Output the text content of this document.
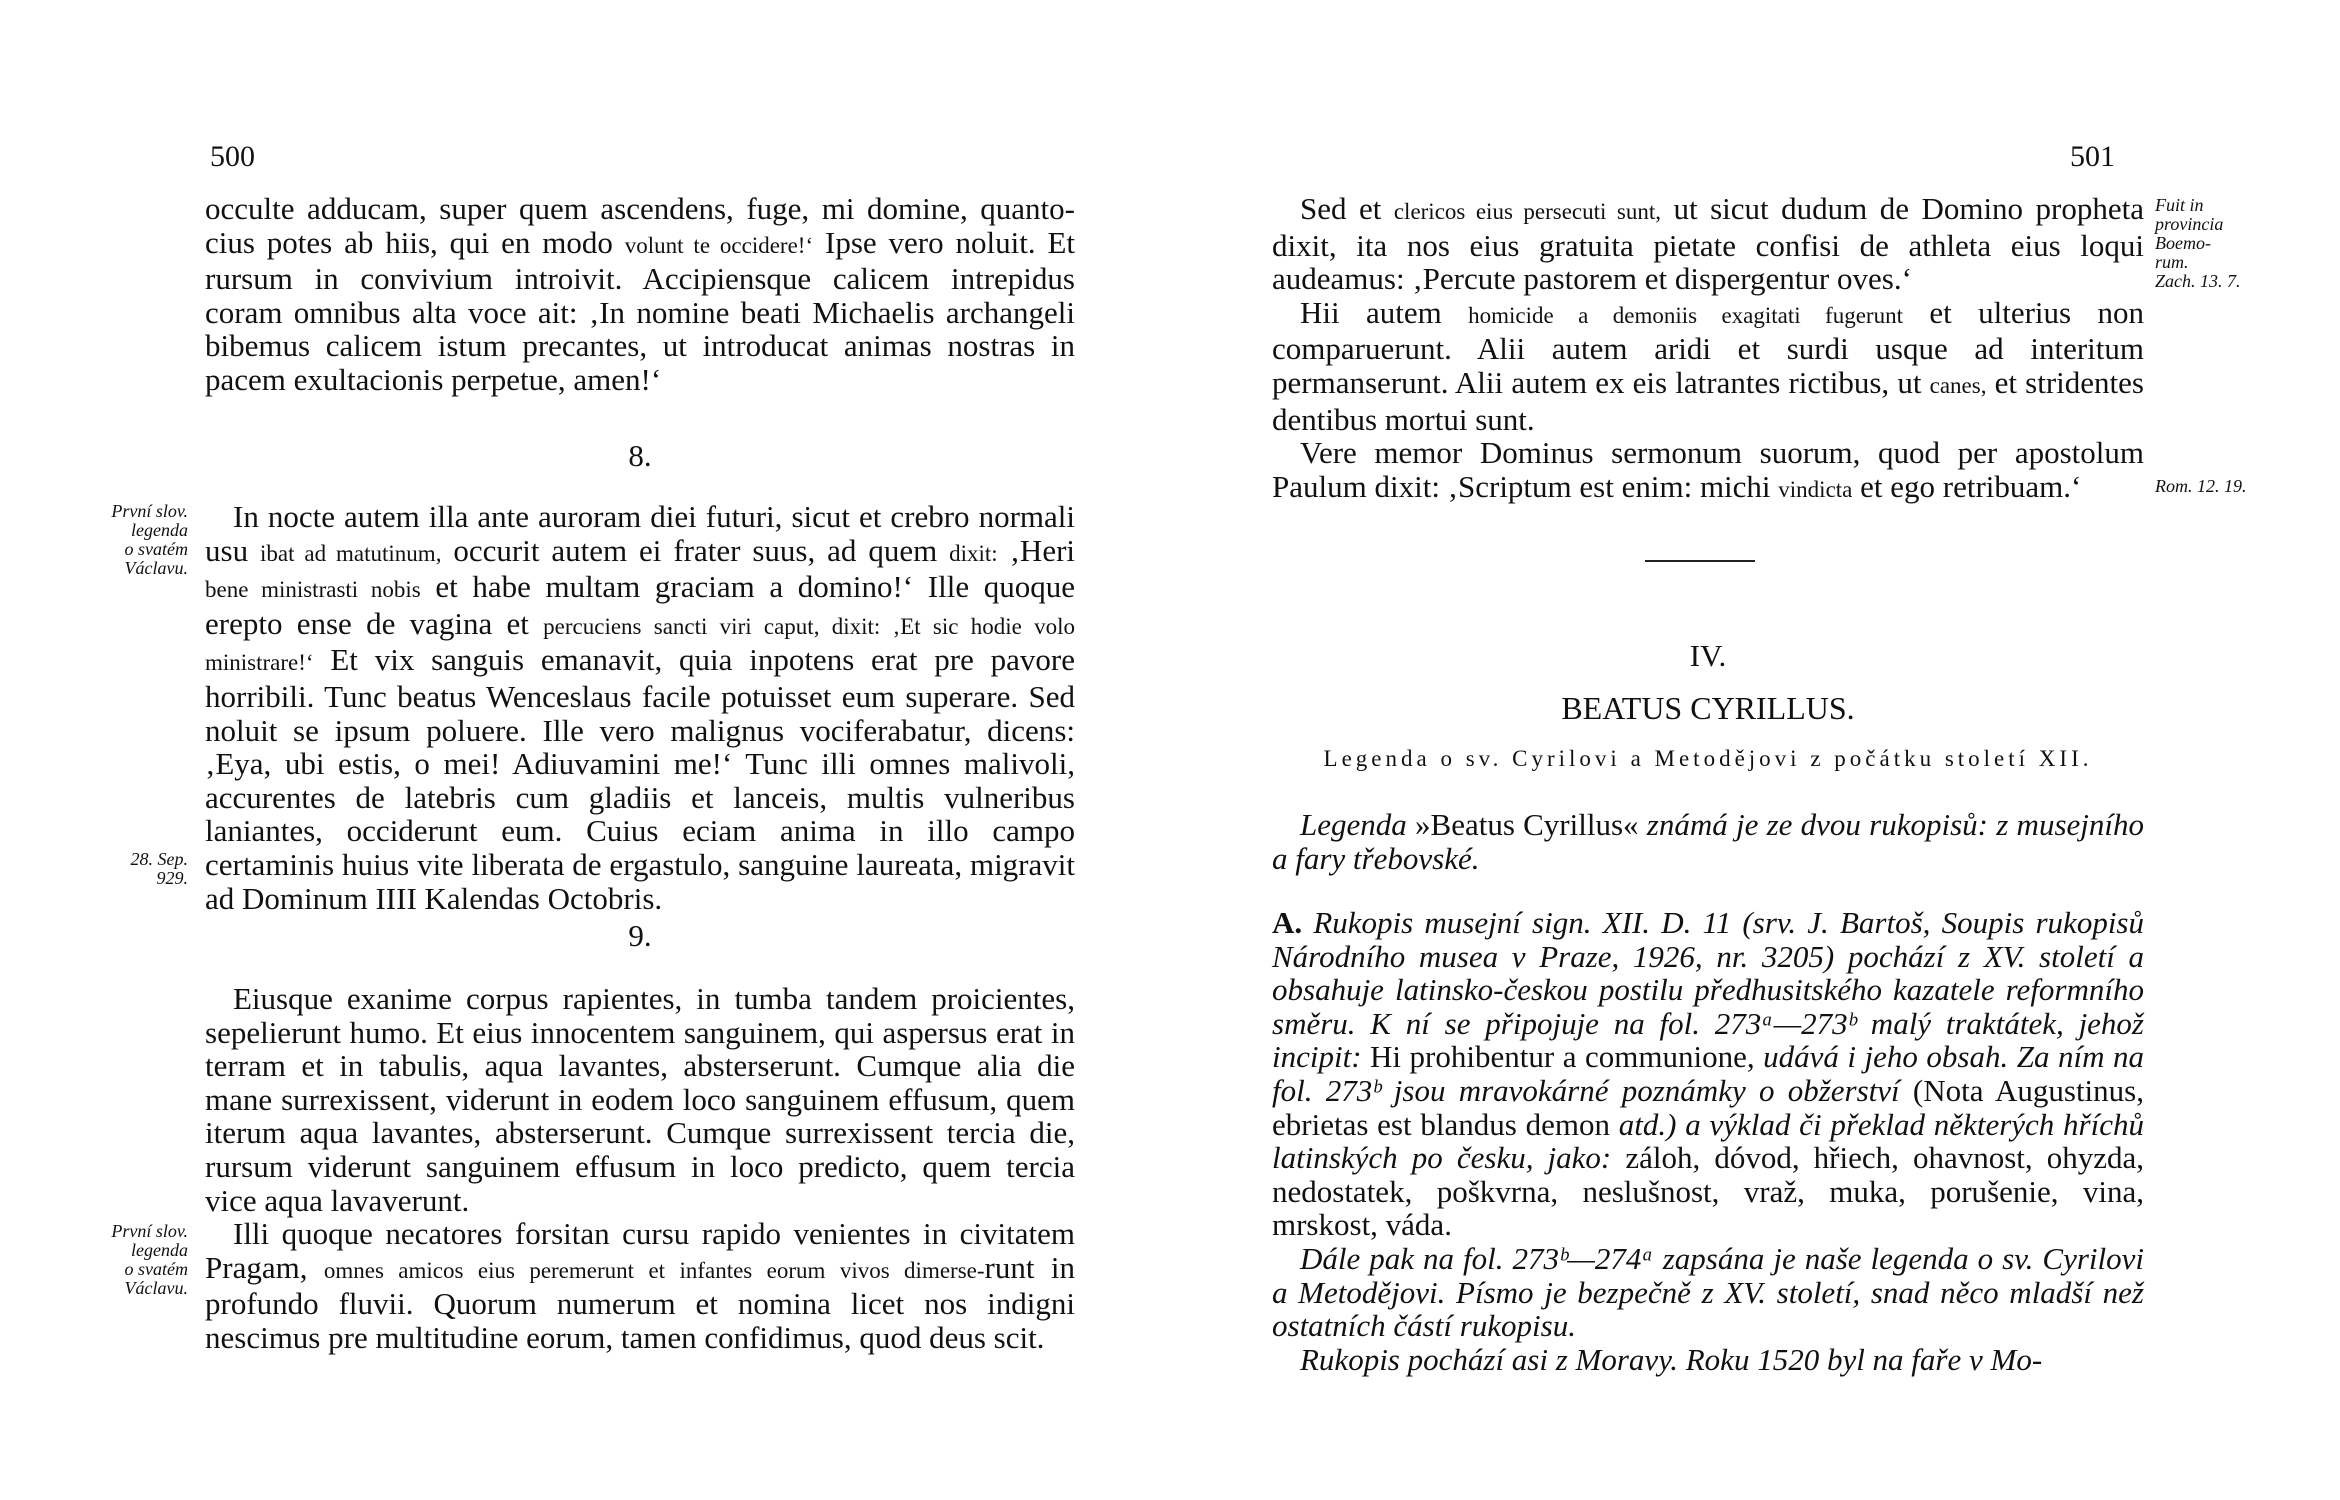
500

occulte adducam, super quem ascendens, fuge, mi domine, quanto-cius potes ab hiis, qui en modo volunt te occidere!‘ Ipse vero noluit. Et rursum in convivium introivit. Accipiensque calicem intrepidus coram omnibus alta voce ait: ‚In nomine beati Michaelis archangeli bibemus calicem istum precantes, ut introducat animas nostras in pacem exultacionis perpetue, amen!‘

8.

In nocte autem illa ante auroram diei futuri, sicut et crebro normali usu ibat ad matutinum, occurit autem ei frater suus, ad quem dixit: ‚Heri bene ministrasti nobis et habe multam graciam a domino!‘ Ille quoque erepto ense de vagina et percuciens sancti viri caput, dixit: ‚Et sic hodie volo ministrare!‘ Et vix sanguis emanavit, quia inpotens erat pre pavore horribili. Tunc beatus Wenceslaus facile potuisset eum superare. Sed noluit se ipsum poluere. Ille vero malignus vociferabatur, dicens: ‚Eya, ubi estis, o mei! Adiuvamini me!‘ Tunc illi omnes malivoli, accurentes de latebris cum gladiis et lanceis, multis vulneribus laniantes, occiderunt eum. Cuius eciam anima in illo campo certaminis huius vite liberata de ergastulo, sanguine laureata, migravit ad Dominum IIII Kalendas Octobris.

9.

Eiusque exanime corpus rapientes, in tumba tandem proicientes, sepelierunt humo. Et eius innocentem sanguinem, qui aspersus erat in terram et in tabulis, aqua lavantes, absterserunt. Cumque alia die mane surrexissent, viderunt in eodem loco sanguinem effusum, quem iterum aqua lavantes, absterserunt. Cumque surrexissent tercia die, rursum viderunt sanguinem effusum in loco predicto, quem tercia vice aqua lavaverunt.

Illi quoque necatores forsitan cursu rapido venientes in civitatem Pragam, omnes amicos eius peremerunt et infantes eorum vivos dimerse-runt in profundo fluvii. Quorum numerum et nomina licet nos indigni nescimus pre multitudine eorum, tamen confidimus, quod deus scit.

První slov.
legenda
o svatém
Václavu.
28. Sep.
929.
První slov.
legenda
o svatém
Václavu.
501

Sed et clericos eius persecuti sunt, ut sicut dudum de Domino propheta dixit, ita nos eius gratuita pietate confisi de athleta eius loqui audeamus: ‚Percute pastorem et dispergentur oves.‘

Hii autem homicide a demoniis exagitati fugerunt et ulterius non comparuerunt. Alii autem aridi et surdi usque ad interitum permanserunt. Alii autem ex eis latrantes rictibus, ut canes, et stridentes dentibus mortui sunt.

Vere memor Dominus sermonum suorum, quod per apostolum Paulum dixit: ‚Scriptum est enim: michi vindicta et ego retribuam.‘

Fuit in
provincia
Boemo-
rum.
Zach. 13. 7.
Rom. 12. 19.
IV.
BEATUS CYRILLUS.
Legenda o sv. Cyrilovi a Metodějovi z počátku století XII.

Legenda »Beatus Cyrillus« známá je ze dvou rukopisů: z musejního a fary třebovské.

A. Rukopis musejní sign. XII. D. 11 (srv. J. Bartoš, Soupis rukopisů Národního musea v Praze, 1926, nr. 3205) pochází z XV. století a obsahuje latinsko-českou postilu předhusitského kazatele reformního směru. K ní se připojuje na fol. 273ᵃ—273ᵇ malý traktátek, jehož incipit: Hi prohibentur a communione, udává i jeho obsah. Za ním na fol. 273ᵇ jsou mravokárné poznámky o obžerství (Nota Augustinus, ebrietas est blandus demon atd.) a výklad či překlad některých hříchů latinských po česku, jako: záloh, dóvod, hřiech, ohavnost, ohyzda, nedostatek, poškvrna, neslušnost, vraž, muka, porušenie, vina, mrskost, váda.

Dále pak na fol. 273ᵇ—274ᵃ zapsána je naše legenda o sv. Cyrilovi a Metodějovi. Písmo je bezpečně z XV. století, snad něco mladší než ostatních částí rukopisu.

Rukopis pochází asi z Moravy. Roku 1520 byl na faře v Mo-
